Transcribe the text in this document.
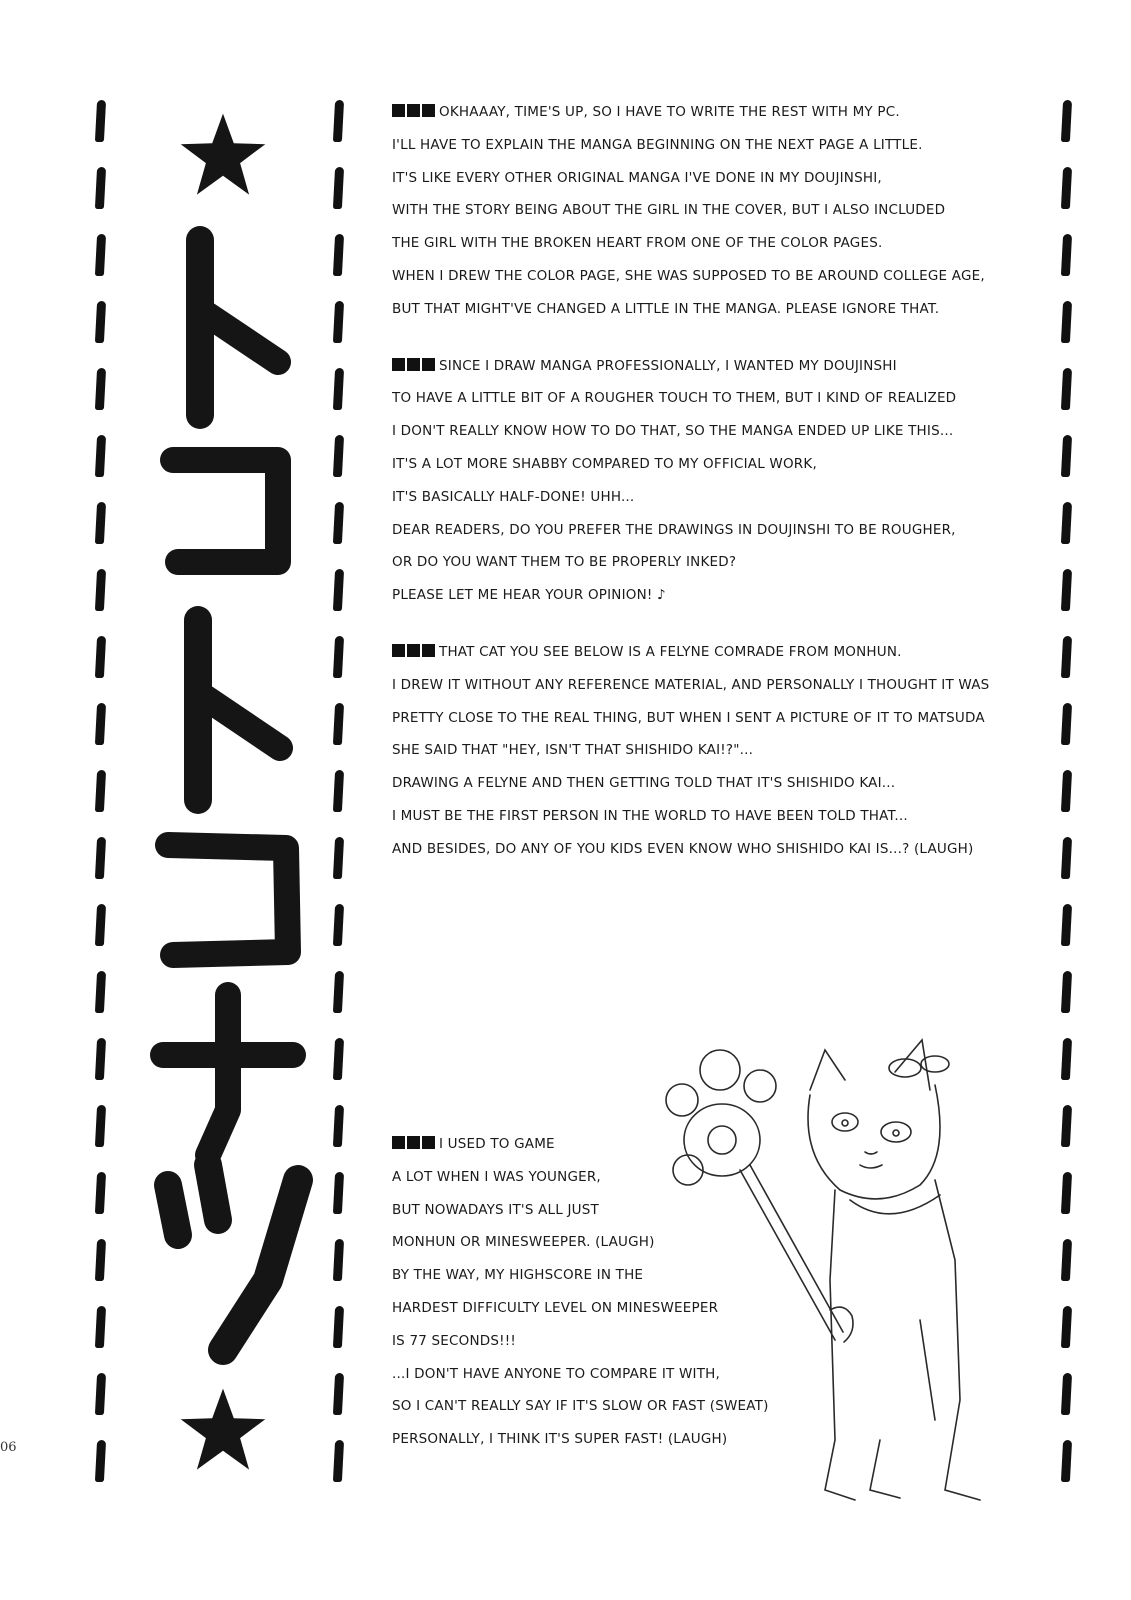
OKHAAAY, TIME'S UP, SO I HAVE TO WRITE THE REST WITH MY PC.
I'LL HAVE TO EXPLAIN THE MANGA BEGINNING ON THE NEXT PAGE A LITTLE.
IT'S LIKE EVERY OTHER ORIGINAL MANGA I'VE DONE IN MY DOUJINSHI,
WITH THE STORY BEING ABOUT THE GIRL IN THE COVER, BUT I ALSO INCLUDED
THE GIRL WITH THE BROKEN HEART FROM ONE OF THE COLOR PAGES.
WHEN I DREW THE COLOR PAGE, SHE WAS SUPPOSED TO BE AROUND COLLEGE AGE,
BUT THAT MIGHT'VE CHANGED A LITTLE IN THE MANGA. PLEASE IGNORE THAT.
SINCE I DRAW MANGA PROFESSIONALLY, I WANTED MY DOUJINSHI
TO HAVE A LITTLE BIT OF A ROUGHER TOUCH TO THEM, BUT I KIND OF REALIZED
I DON'T REALLY KNOW HOW TO DO THAT, SO THE MANGA ENDED UP LIKE THIS...
IT'S A LOT MORE SHABBY COMPARED TO MY OFFICIAL WORK,
IT'S BASICALLY HALF-DONE! UHH...
DEAR READERS, DO YOU PREFER THE DRAWINGS IN DOUJINSHI TO BE ROUGHER,
OR DO YOU WANT THEM TO BE PROPERLY INKED?
PLEASE LET ME HEAR YOUR OPINION! ♪
THAT CAT YOU SEE BELOW IS A FELYNE COMRADE FROM MONHUN.
I DREW IT WITHOUT ANY REFERENCE MATERIAL, AND PERSONALLY I THOUGHT IT WAS
PRETTY CLOSE TO THE REAL THING, BUT WHEN I SENT A PICTURE OF IT TO MATSUDA
SHE SAID THAT "HEY, ISN'T THAT SHISHIDO KAI!?"...
DRAWING A FELYNE AND THEN GETTING TOLD THAT IT'S SHISHIDO KAI...
I MUST BE THE FIRST PERSON IN THE WORLD TO HAVE BEEN TOLD THAT...
AND BESIDES, DO ANY OF YOU KIDS EVEN KNOW WHO SHISHIDO KAI IS...? (LAUGH)
I USED TO GAME
A LOT WHEN I WAS YOUNGER,
BUT NOWADAYS IT'S ALL JUST
MONHUN OR MINESWEEPER. (LAUGH)
BY THE WAY, MY HIGHSCORE IN THE
HARDEST DIFFICULTY LEVEL ON MINESWEEPER
IS 77 SECONDS!!!
...I DON'T HAVE ANYONE TO COMPARE IT WITH,
SO I CAN'T REALLY SAY IF IT'S SLOW OR FAST (SWEAT)
PERSONALLY, I THINK IT'S SUPER FAST! (LAUGH)
06
